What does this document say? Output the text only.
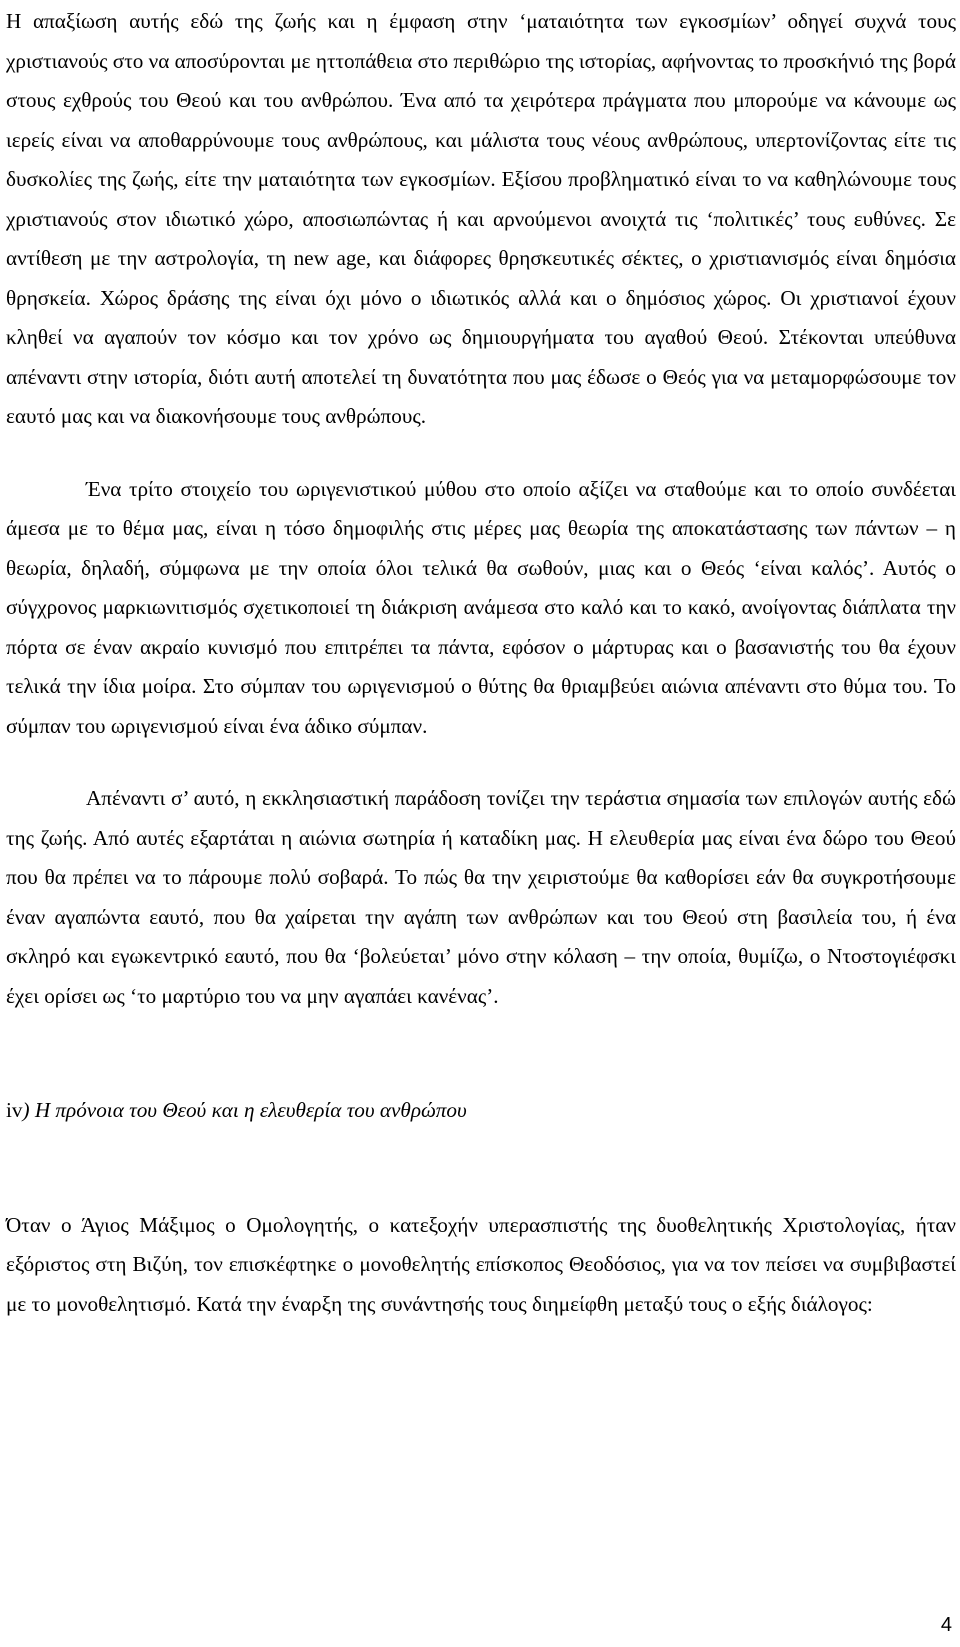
Η απαξίωση αυτής εδώ της ζωής και η έμφαση στην ‘ματαιότητα των εγκοσμίων’ οδηγεί συχνά τους χριστιανούς στο να αποσύρονται με ηττοπάθεια στο περιθώριο της ιστορίας, αφήνοντας το προσκήνιό της βορά στους εχθρούς του Θεού και του ανθρώπου. Ένα από τα χειρότερα πράγματα που μπορούμε να κάνουμε ως ιερείς είναι να αποθαρρύνουμε τους ανθρώπους, και μάλιστα τους νέους ανθρώπους, υπερτονίζοντας είτε τις δυσκολίες της ζωής, είτε την ματαιότητα των εγκοσμίων. Εξίσου προβληματικό είναι το να καθηλώνουμε τους χριστιανούς στον ιδιωτικό χώρο, αποσιωπώντας ή και αρνούμενοι ανοιχτά τις ‘πολιτικές’ τους ευθύνες. Σε αντίθεση με την αστρολογία, τη new age, και διάφορες θρησκευτικές σέκτες, ο χριστιανισμός είναι δημόσια θρησκεία. Χώρος δράσης της είναι όχι μόνο ο ιδιωτικός αλλά και ο δημόσιος χώρος. Οι χριστιανοί έχουν κληθεί να αγαπούν τον κόσμο και τον χρόνο ως δημιουργήματα του αγαθού Θεού. Στέκονται υπεύθυνα απέναντι στην ιστορία, διότι αυτή αποτελεί τη δυνατότητα που μας έδωσε ο Θεός για να μεταμορφώσουμε τον εαυτό μας και να διακονήσουμε τους ανθρώπους.

Ένα τρίτο στοιχείο του ωριγενιστικού μύθου στο οποίο αξίζει να σταθούμε και το οποίο συνδέεται άμεσα με το θέμα μας, είναι η τόσο δημοφιλής στις μέρες μας θεωρία της αποκατάστασης των πάντων – η θεωρία, δηλαδή, σύμφωνα με την οποία όλοι τελικά θα σωθούν, μιας και ο Θεός ‘είναι καλός’. Αυτός ο σύγχρονος μαρκιωνιτισμός σχετικοποιεί τη διάκριση ανάμεσα στο καλό και το κακό, ανοίγοντας διάπλατα την πόρτα σε έναν ακραίο κυνισμό που επιτρέπει τα πάντα, εφόσον ο μάρτυρας και ο βασανιστής του θα έχουν τελικά την ίδια μοίρα. Στο σύμπαν του ωριγενισμού ο θύτης θα θριαμβεύει αιώνια απέναντι στο θύμα του. Το σύμπαν του ωριγενισμού είναι ένα άδικο σύμπαν.

Απέναντι σ’ αυτό, η εκκλησιαστική παράδοση τονίζει την τεράστια σημασία των επιλογών αυτής εδώ της ζωής. Από αυτές εξαρτάται η αιώνια σωτηρία ή καταδίκη μας. Η ελευθερία μας είναι ένα δώρο του Θεού που θα πρέπει να το πάρουμε πολύ σοβαρά. Το πώς θα την χειριστούμε θα καθορίσει εάν θα συγκροτήσουμε έναν αγαπώντα εαυτό, που θα χαίρεται την αγάπη των ανθρώπων και του Θεού στη βασιλεία του, ή ένα σκληρό και εγωκεντρικό εαυτό, που θα ‘βολεύεται’ μόνο στην κόλαση – την οποία, θυμίζω, ο Ντοστογιέφσκι έχει ορίσει ως ‘το μαρτύριο του να μην αγαπάει κανένας’.

iv) Η πρόνοια του Θεού και η ελευθερία του ανθρώπου

Όταν ο Άγιος Μάξιμος ο Ομολογητής, ο κατεξοχήν υπερασπιστής της δυοθελητικής Χριστολογίας, ήταν εξόριστος στη Βιζύη, τον επισκέφτηκε ο μονοθελητής επίσκοπος Θεοδόσιος, για να τον πείσει να συμβιβαστεί με το μονοθελητισμό. Κατά την έναρξη της συνάντησής τους διημείφθη μεταξύ τους ο εξής διάλογος:

4
